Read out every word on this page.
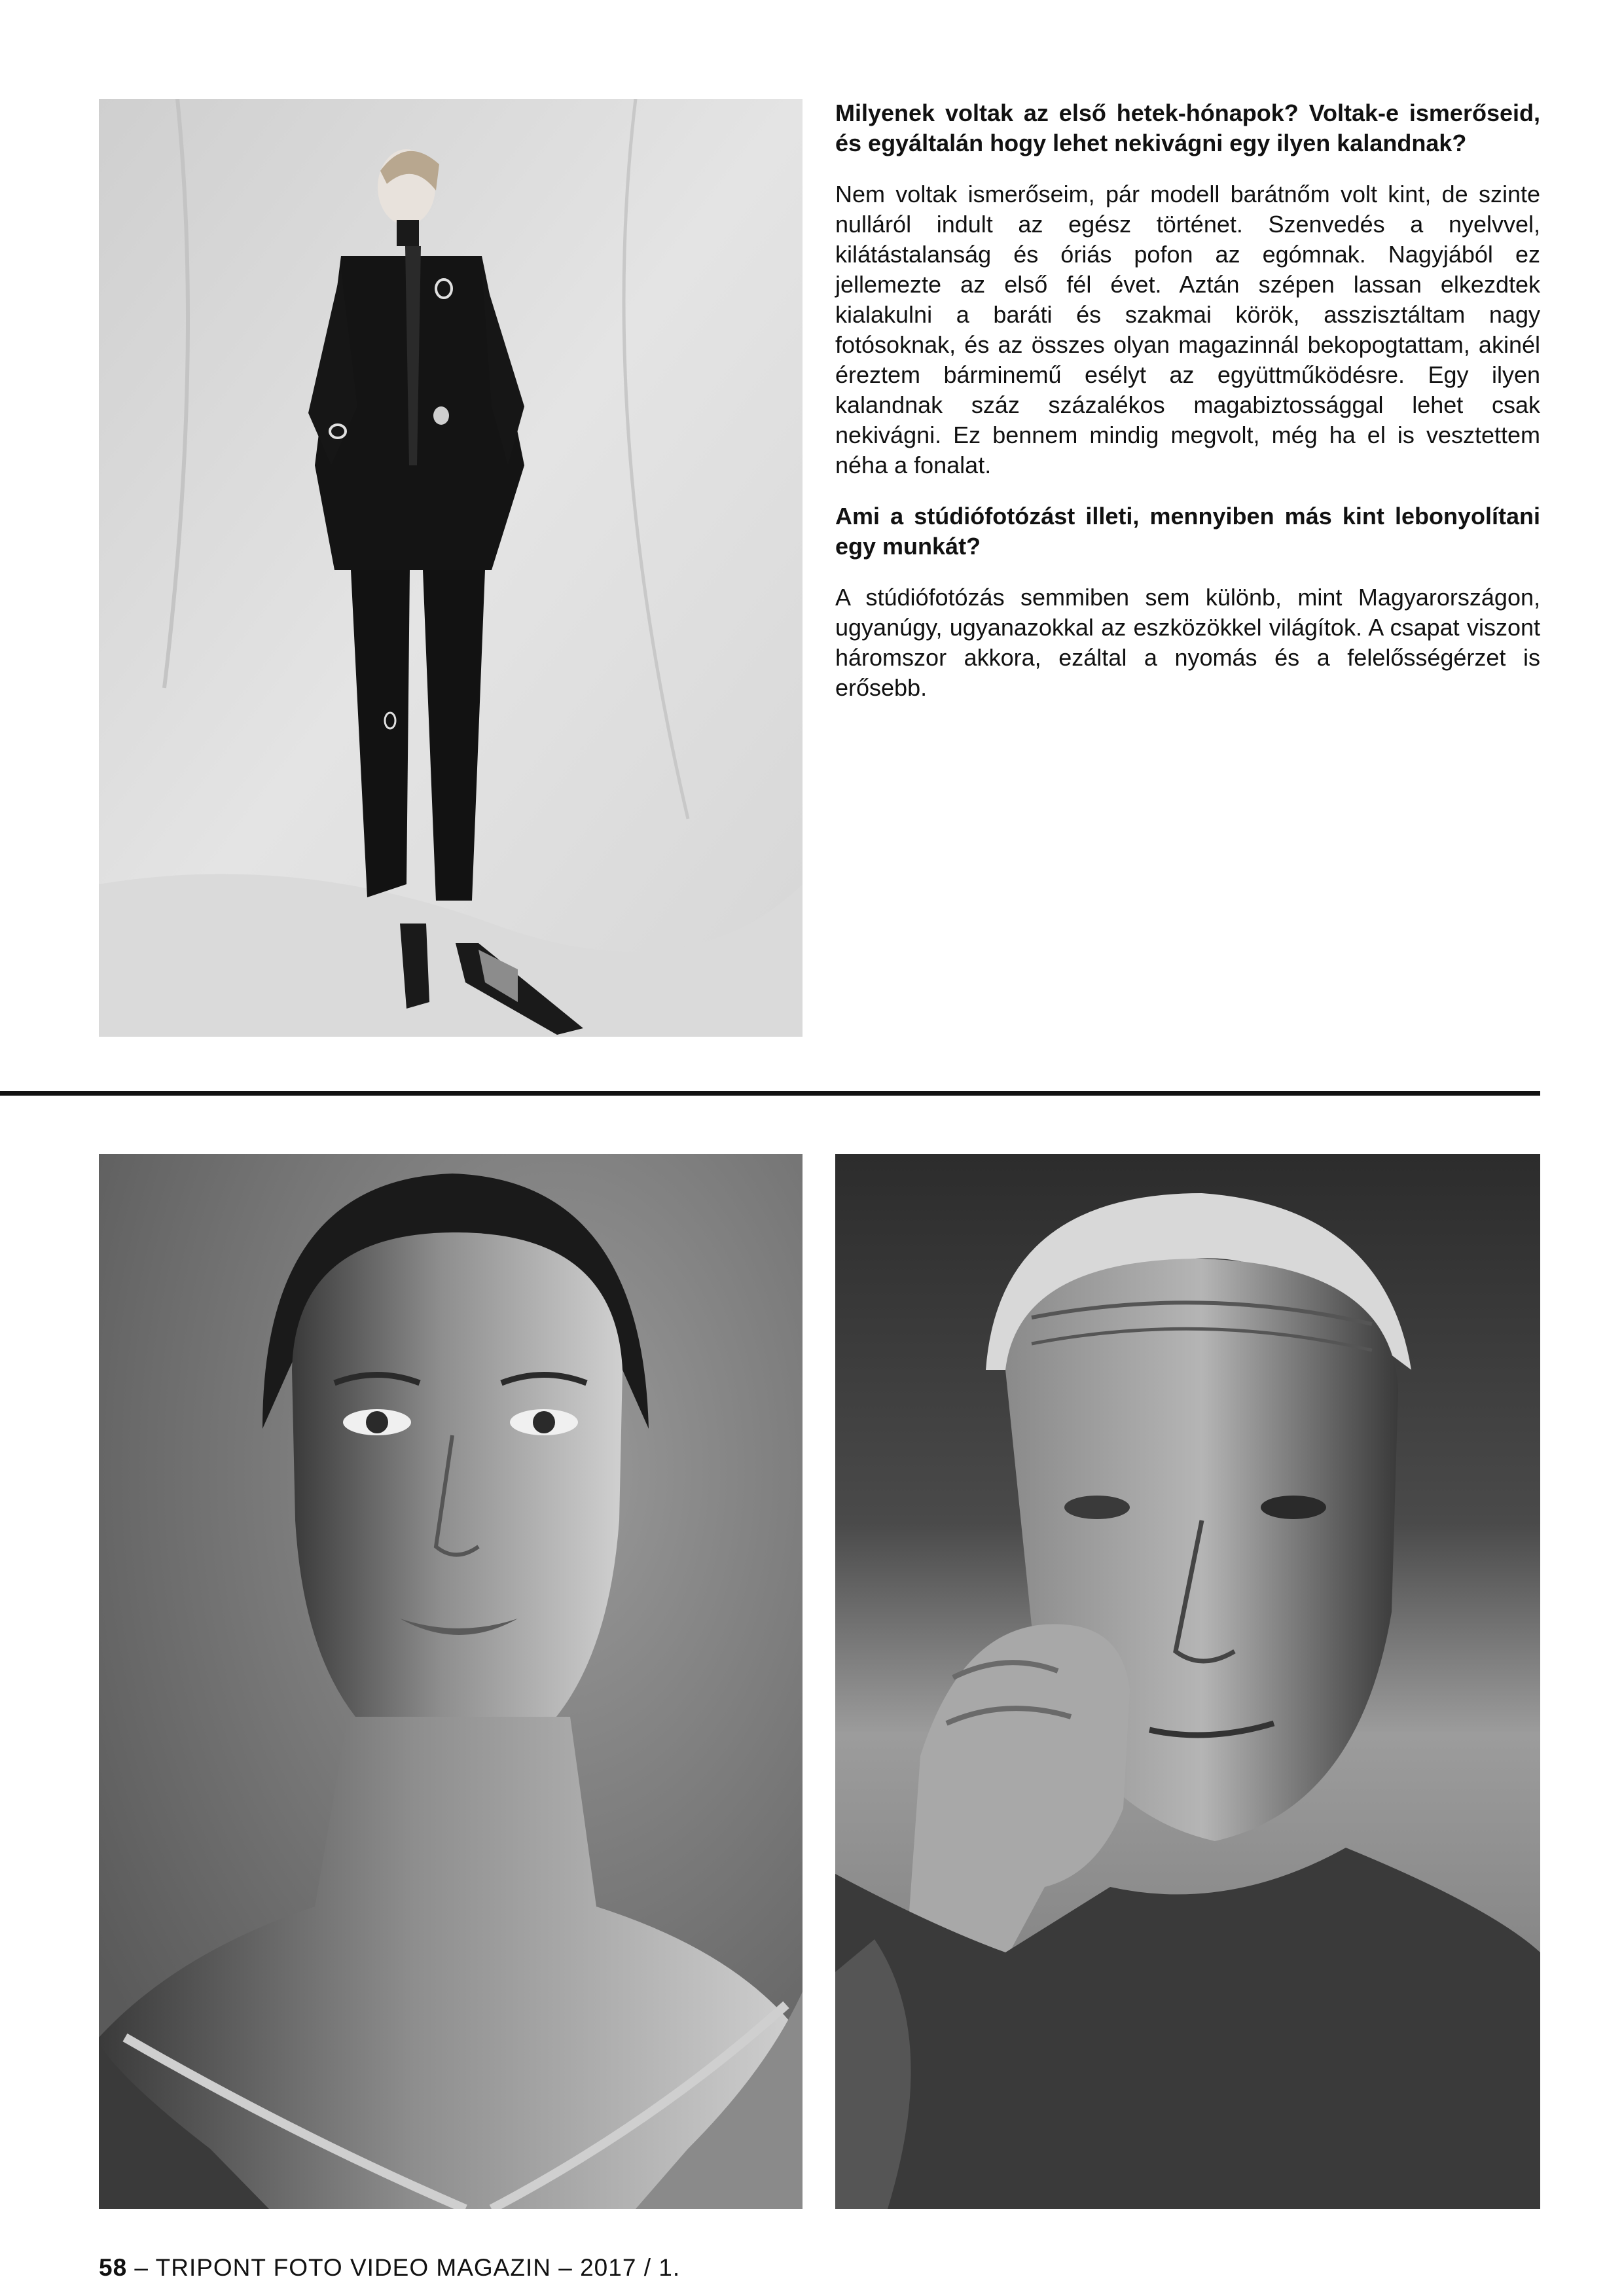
Milyenek voltak az első hetek-hónapok? Voltak-e ismerőseid, és egyáltalán hogy lehet nekivágni egy ilyen kalandnak?

Nem voltak ismerőseim, pár modell barátnőm volt kint, de szinte nulláról indult az egész történet. Szenvedés a nyelvvel, kilátástalanság és óriás pofon az egómnak. Nagyjából ez jellemezte az első fél évet. Aztán szépen lassan elkezdtek kialakulni a baráti és szakmai körök, asszisztáltam nagy fotósoknak, és az összes olyan magazinnál bekopogtattam, akinél éreztem bárminemű esélyt az együttműködésre. Egy ilyen kalandnak száz százalékos magabiztossággal lehet csak nekivágni. Ez bennem mindig megvolt, még ha el is vesztettem néha a fonalat.

Ami a stúdiófotózást illeti, mennyiben más kint lebonyolítani egy munkát?

A stúdiófotózás semmiben sem különb, mint Magyarországon, ugyanúgy, ugyanazokkal az eszközökkel világítok. A csapat viszont háromszor akkora, ezáltal a nyomás és a felelősségérzet is erősebb.

58 – TRIPONT FOTO VIDEO MAGAZIN – 2017 / 1.
